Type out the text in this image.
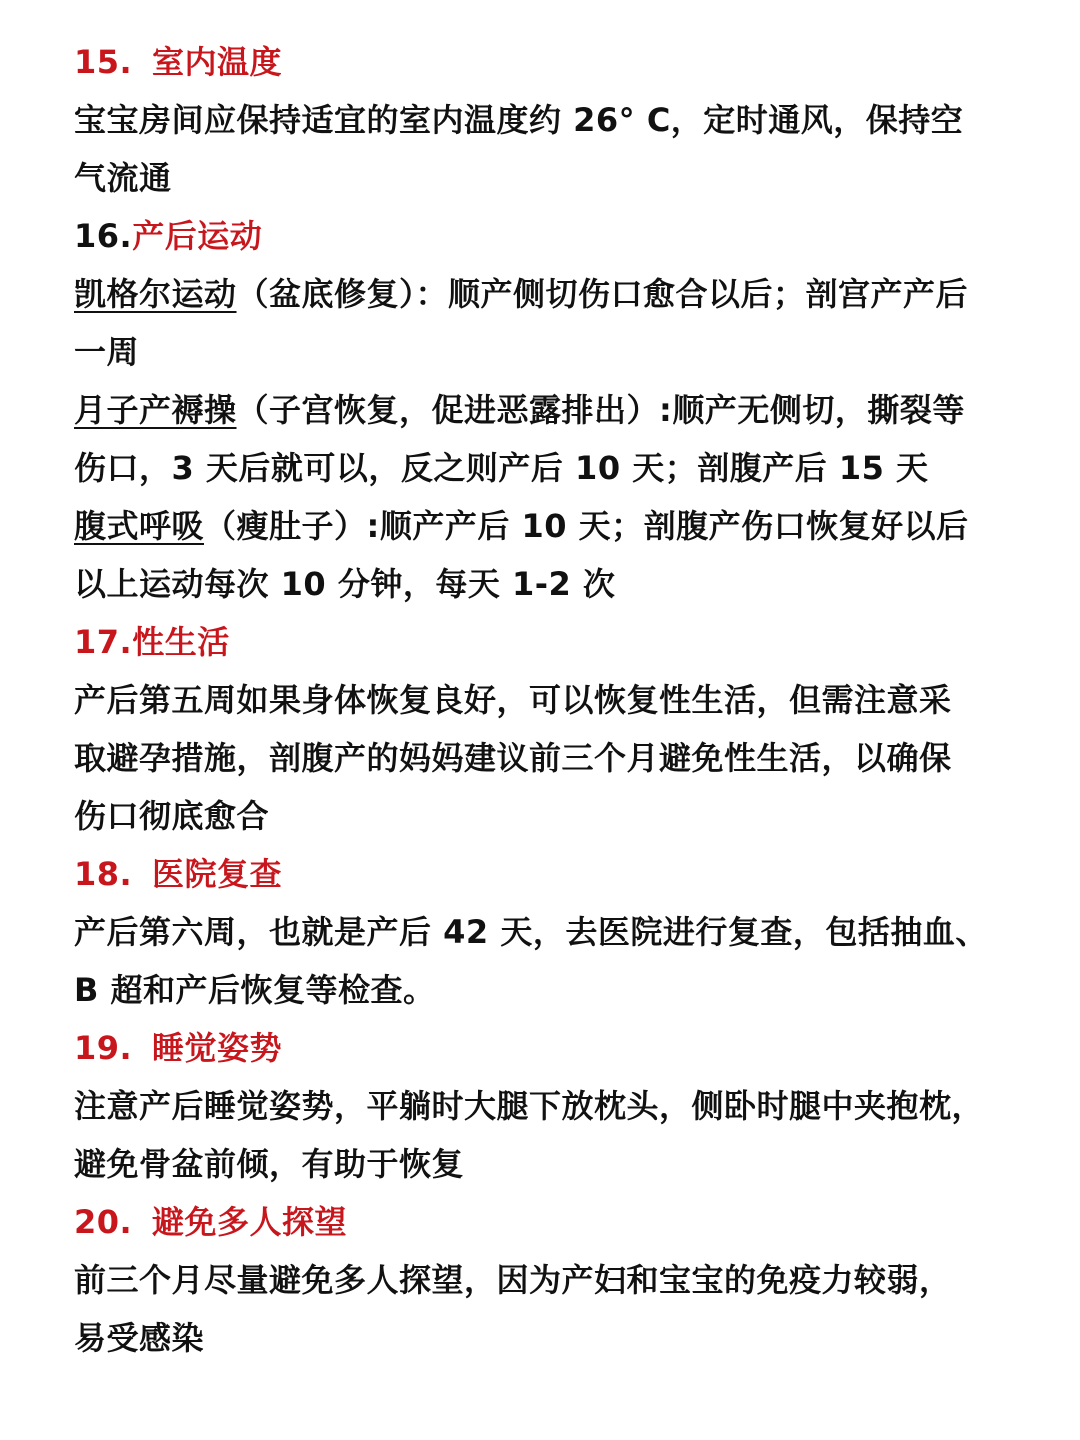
15. 室内温度
宝宝房间应保持适宜的室内温度约 26° C，定时通风，保持空
气流通
16.产后运动
凯格尔运动（盆底修复）：顺产侧切伤口愈合以后；剖宫产产后
一周
月子产褥操（子宫恢复，促进恶露排出）:顺产无侧切，撕裂等
伤口，3 天后就可以，反之则产后 10 天；剖腹产后 15 天
腹式呼吸（瘦肚子）:顺产产后 10 天；剖腹产伤口恢复好以后
以上运动每次 10 分钟，每天 1-2 次
17.性生活
产后第五周如果身体恢复良好，可以恢复性生活，但需注意采
取避孕措施，剖腹产的妈妈建议前三个月避免性生活，以确保
伤口彻底愈合
18. 医院复查
产后第六周，也就是产后 42 天，去医院进行复查，包括抽血、
B 超和产后恢复等检查。
19. 睡觉姿势
注意产后睡觉姿势，平躺时大腿下放枕头，侧卧时腿中夹抱枕，
避免骨盆前倾，有助于恢复
20. 避免多人探望
前三个月尽量避免多人探望，因为产妇和宝宝的免疫力较弱，
易受感染
